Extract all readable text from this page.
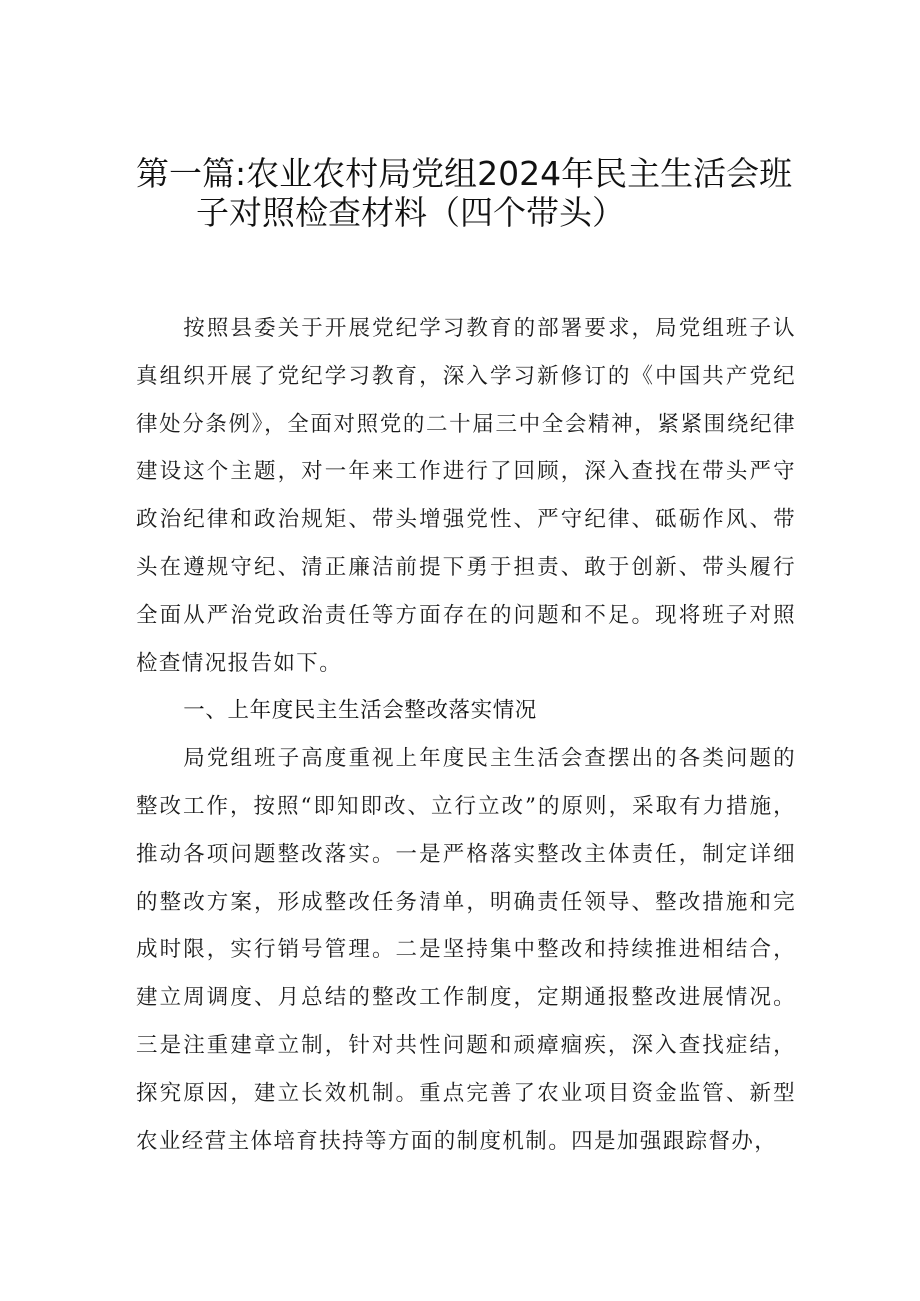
第一篇:农业农村局党组2024年民主生活会班
子对照检查材料（四个带头）

按照县委关于开展党纪学习教育的部署要求，局党组班子认真组织开展了党纪学习教育，深入学习新修订的《中国共产党纪律处分条例》，全面对照党的二十届三中全会精神，紧紧围绕纪律建设这个主题，对一年来工作进行了回顾，深入查找在带头严守政治纪律和政治规矩、带头增强党性、严守纪律、砥砺作风、带头在遵规守纪、清正廉洁前提下勇于担责、敢于创新、带头履行全面从严治党政治责任等方面存在的问题和不足。现将班子对照检查情况报告如下。

一、上年度民主生活会整改落实情况

局党组班子高度重视上年度民主生活会查摆出的各类问题的整改工作，按照“即知即改、立行立改”的原则，采取有力措施，推动各项问题整改落实。一是严格落实整改主体责任，制定详细的整改方案，形成整改任务清单，明确责任领导、整改措施和完成时限，实行销号管理。二是坚持集中整改和持续推进相结合，建立周调度、月总结的整改工作制度，定期通报整改进展情况。三是注重建章立制，针对共性问题和顽瘴痼疾，深入查找症结，探究原因，建立长效机制。重点完善了农业项目资金监管、新型农业经营主体培育扶持等方面的制度机制。四是加强跟踪督办，
